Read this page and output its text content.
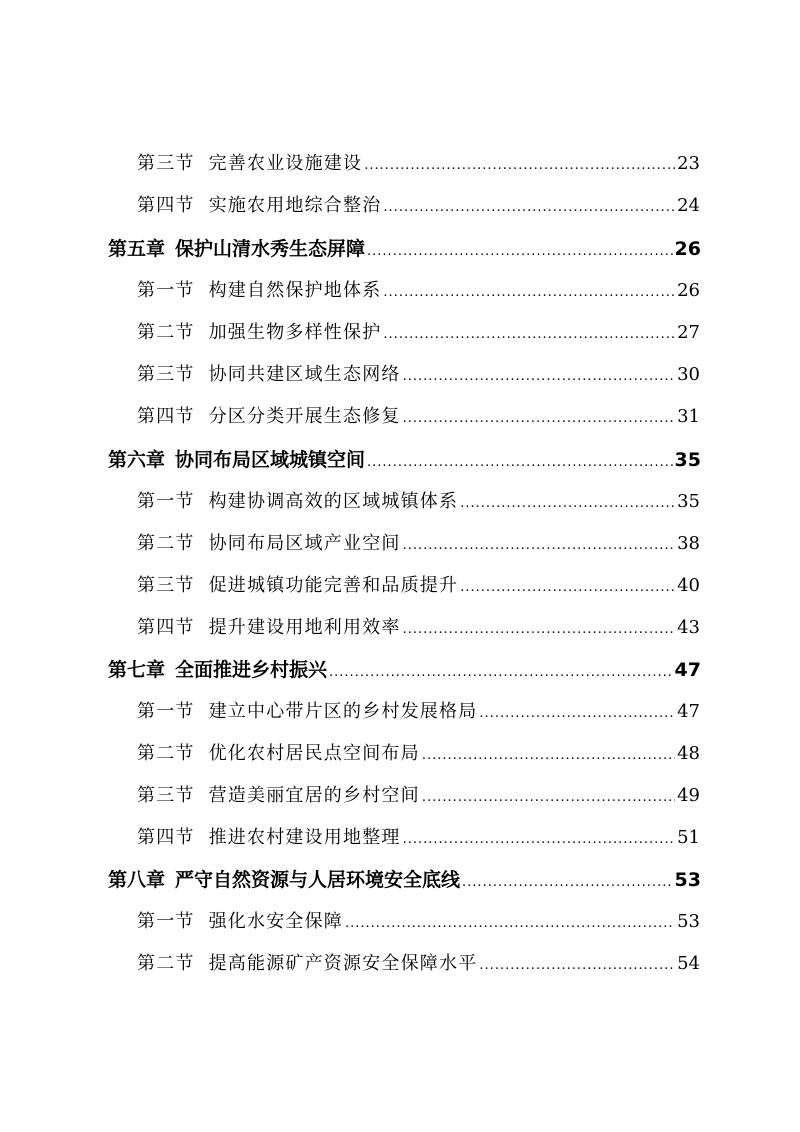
第三节 完善农业设施建设 .....	23
第四节 实施农用地综合整治 .....	24
第五章 保护山清水秀生态屏障 .....	26
第一节 构建自然保护地体系 .....	26
第二节 加强生物多样性保护 .....	27
第三节 协同共建区域生态网络 .....	30
第四节 分区分类开展生态修复 .....	31
第六章 协同布局区域城镇空间 .....	35
第一节 构建协调高效的区域城镇体系 .....	35
第二节 协同布局区域产业空间 .....	38
第三节 促进城镇功能完善和品质提升 .....	40
第四节 提升建设用地利用效率 .....	43
第七章 全面推进乡村振兴 .....	47
第一节 建立中心带片区的乡村发展格局 .....	47
第二节 优化农村居民点空间布局 .....	48
第三节 营造美丽宜居的乡村空间 .....	49
第四节 推进农村建设用地整理 .....	51
第八章 严守自然资源与人居环境安全底线 .....	53
第一节 强化水安全保障 .....	53
第二节 提高能源矿产资源安全保障水平 .....	54
